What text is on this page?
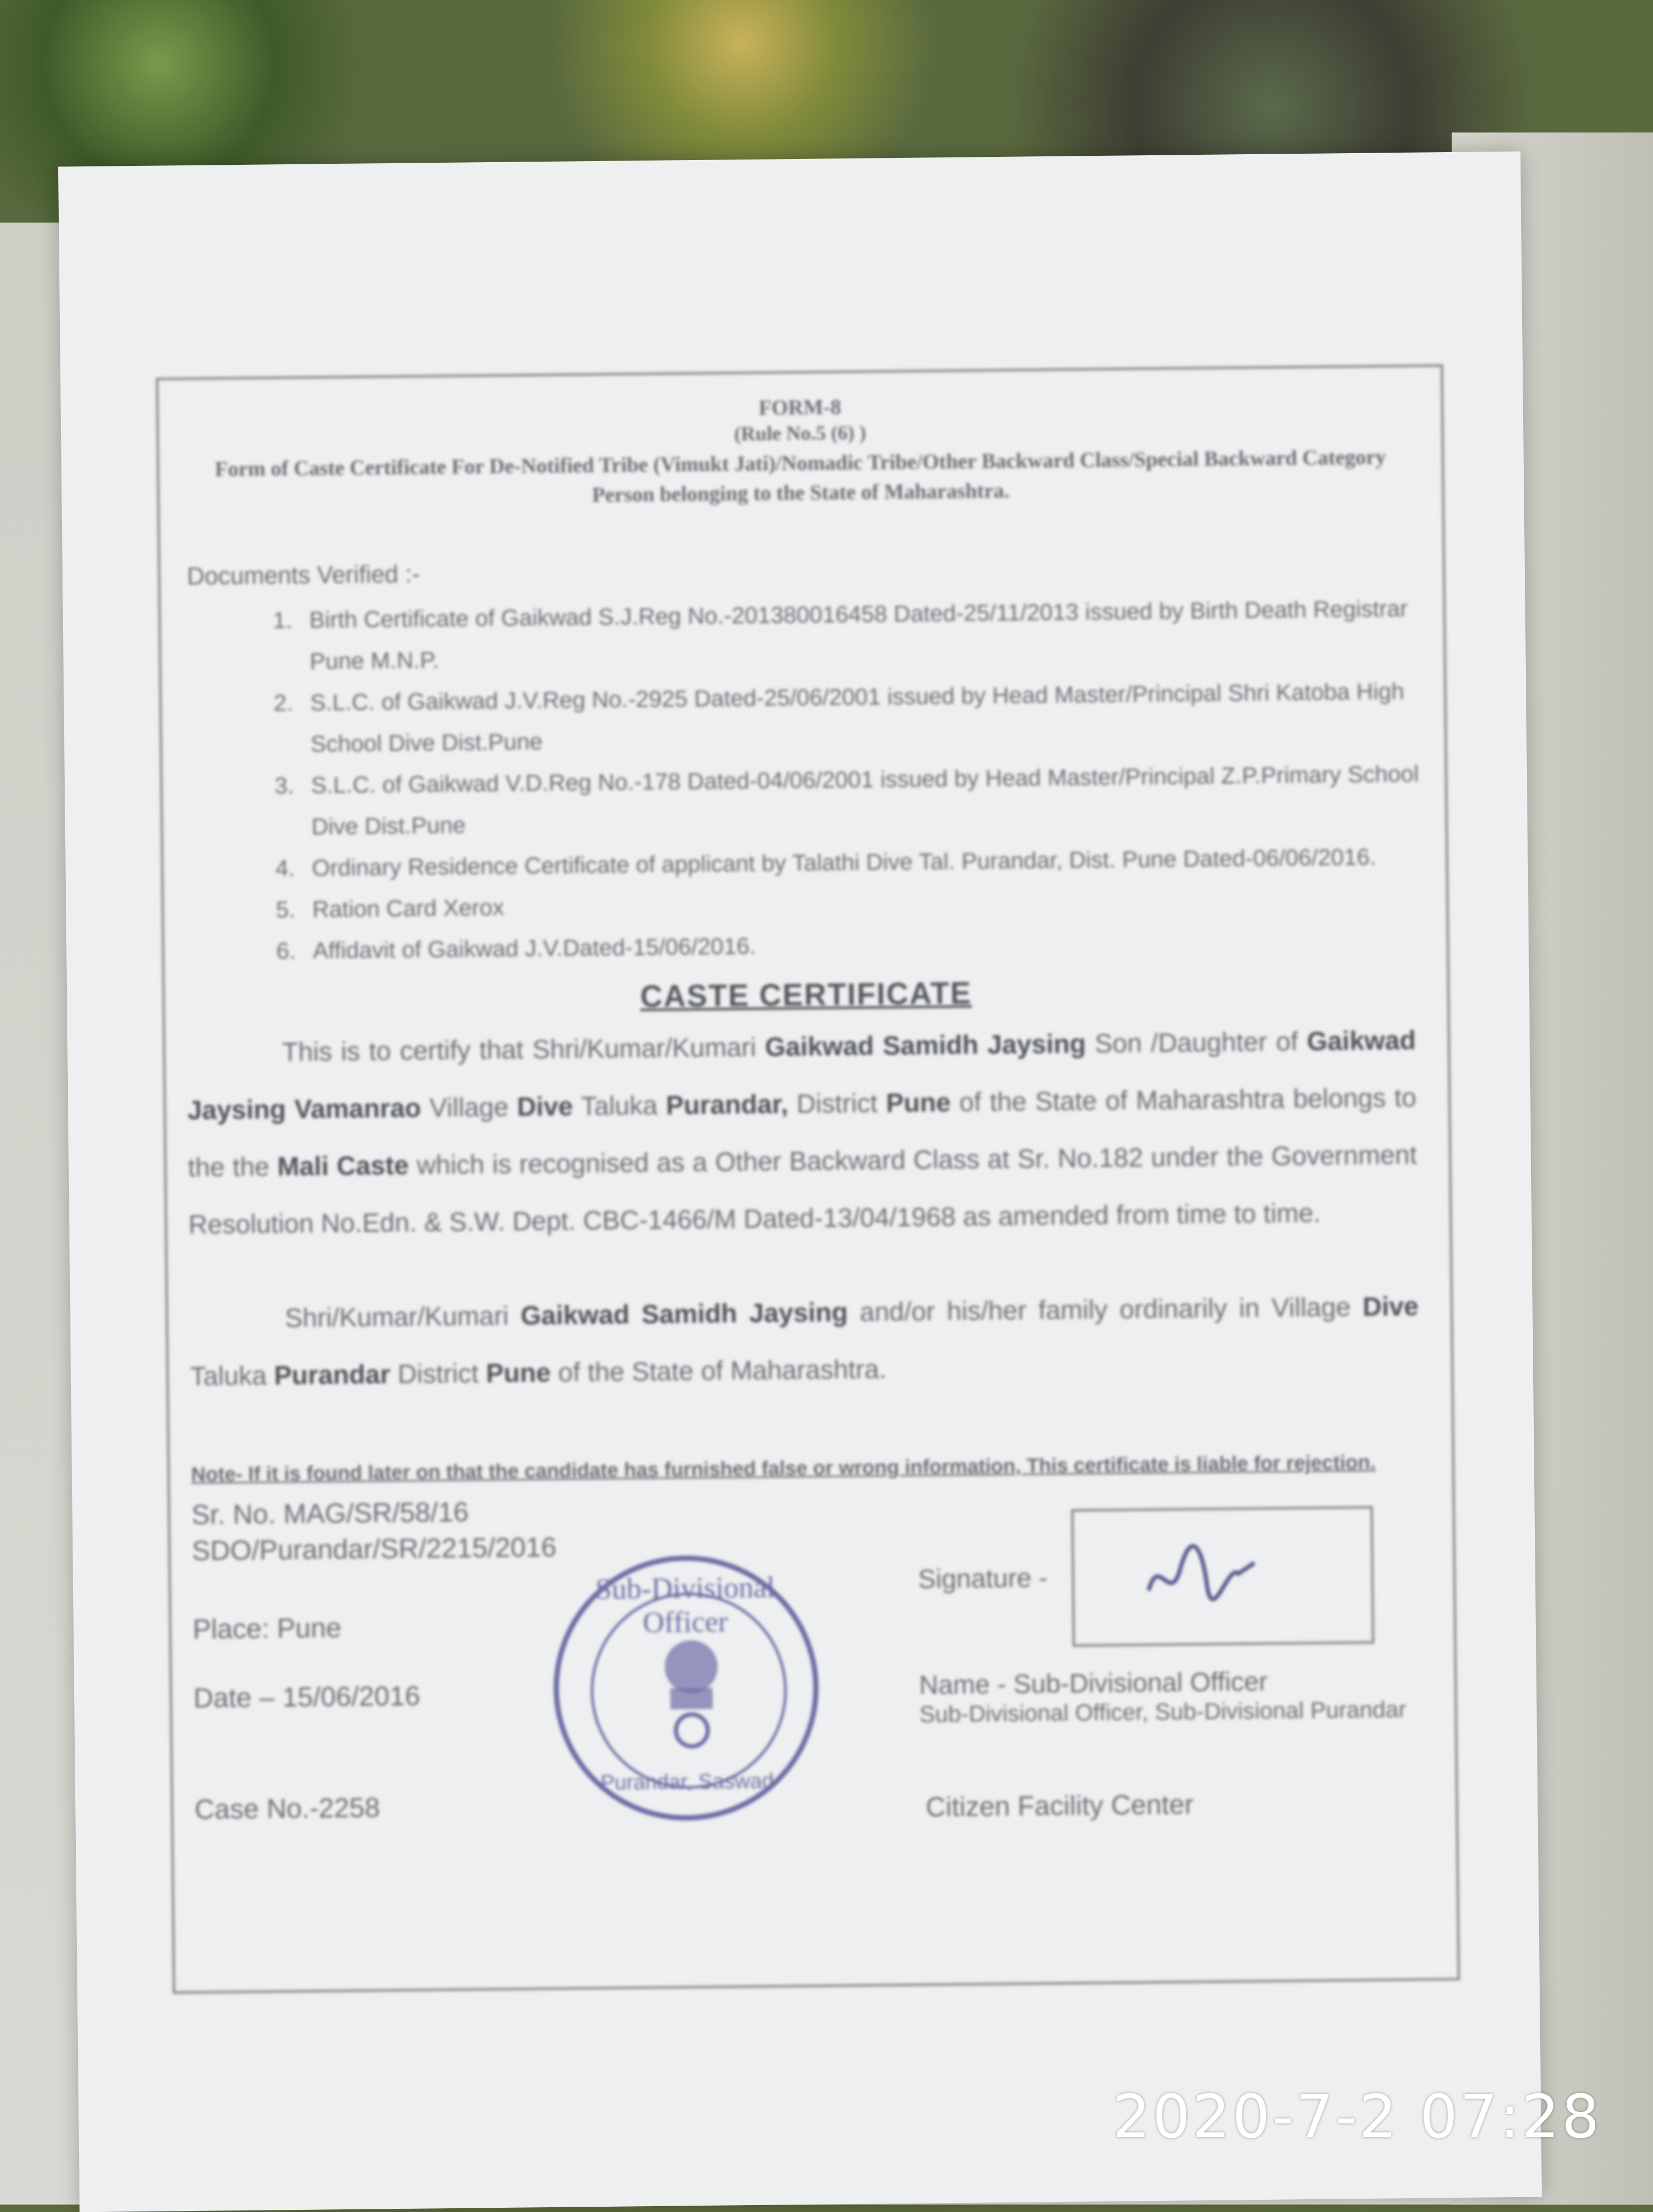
FORM-8
(Rule No.5 (6) )
Form of Caste Certificate For De-Notified Tribe (Vimukt Jati)/Nomadic Tribe/Other Backward Class/Special Backward Category Person belonging to the State of Maharashtra.
Documents Verified :-
1. Birth Certificate of Gaikwad S.J.Reg No.-201380016458 Dated-25/11/2013 issued by Birth Death Registrar Pune M.N.P.
2. S.L.C. of Gaikwad J.V.Reg No.-2925 Dated-25/06/2001 issued by Head Master/Principal Shri Katoba High School Dive Dist.Pune
3. S.L.C. of Gaikwad V.D.Reg No.-178 Dated-04/06/2001 issued by Head Master/Principal Z.P.Primary School Dive Dist.Pune
4. Ordinary Residence Certificate of applicant by Talathi Dive Tal. Purandar, Dist. Pune Dated-06/06/2016.
5. Ration Card Xerox
6. Affidavit of Gaikwad J.V.Dated-15/06/2016.
CASTE CERTIFICATE
This is to certify that Shri/Kumar/Kumari Gaikwad Samidh Jaysing Son /Daughter of Gaikwad Jaysing Vamanrao Village Dive Taluka Purandar, District Pune of the State of Maharashtra belongs to the the Mali Caste which is recognised as a Other Backward Class at Sr. No.182 under the Government Resolution No.Edn. & S.W. Dept. CBC-1466/M Dated-13/04/1968 as amended from time to time.
Shri/Kumar/Kumari Gaikwad Samidh Jaysing and/or his/her family ordinarily in Village Dive Taluka Purandar District Pune of the State of Maharashtra.
Note- If it is found later on that the candidate has furnished false or wrong information, This certificate is liable for rejection.
Sr. No. MAG/SR/58/16
SDO/Purandar/SR/2215/2016
Place: Pune
Date – 15/06/2016
Case No.-2258
Sub-Divisional Officer
Purandar, Saswad
Signature -
Name - Sub-Divisional Officer
Sub-Divisional Officer, Sub-Divisional Purandar
Citizen Facility Center
2020-7-2 07:28
